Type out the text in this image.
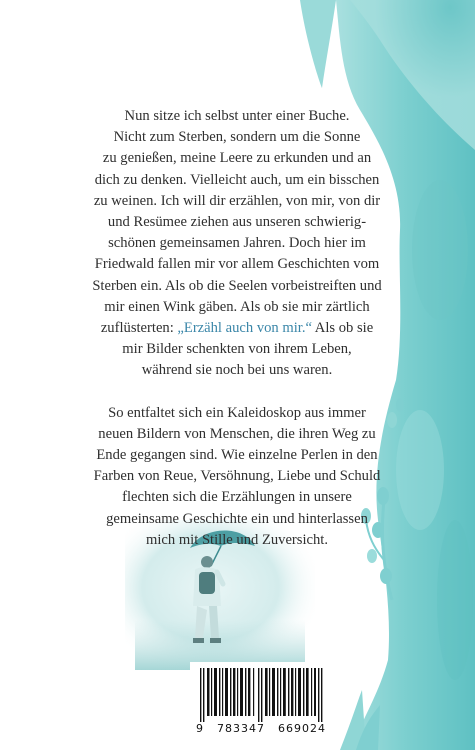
Nun sitze ich selbst unter einer Buche.
Nicht zum Sterben, sondern um die Sonne
zu genießen, meine Leere zu erkunden und an
dich zu denken. Vielleicht auch, um ein bisschen
zu weinen. Ich will dir erzählen, von mir, von dir
und Resümee ziehen aus unseren schwierig-
schönen gemeinsamen Jahren. Doch hier im
Friedwald fallen mir vor allem Geschichten vom
Sterben ein. Als ob die Seelen vorbeistreiften und
mir einen Wink gäben. Als ob sie mir zärtlich
zuflüsterten: „Erzähl auch von mir.“ Als ob sie
mir Bilder schenkten von ihrem Leben,
während sie noch bei uns waren.

So entfaltet sich ein Kaleidoskop aus immer
neuen Bildern von Menschen, die ihren Weg zu
Ende gegangen sind. Wie einzelne Perlen in den
Farben von Reue, Versöhnung, Liebe und Schuld
flechten sich die Erzählungen in unsere
gemeinsame Geschichte ein und hinterlassen
mich mit Stille und Zuversicht.

9 783347 669024
